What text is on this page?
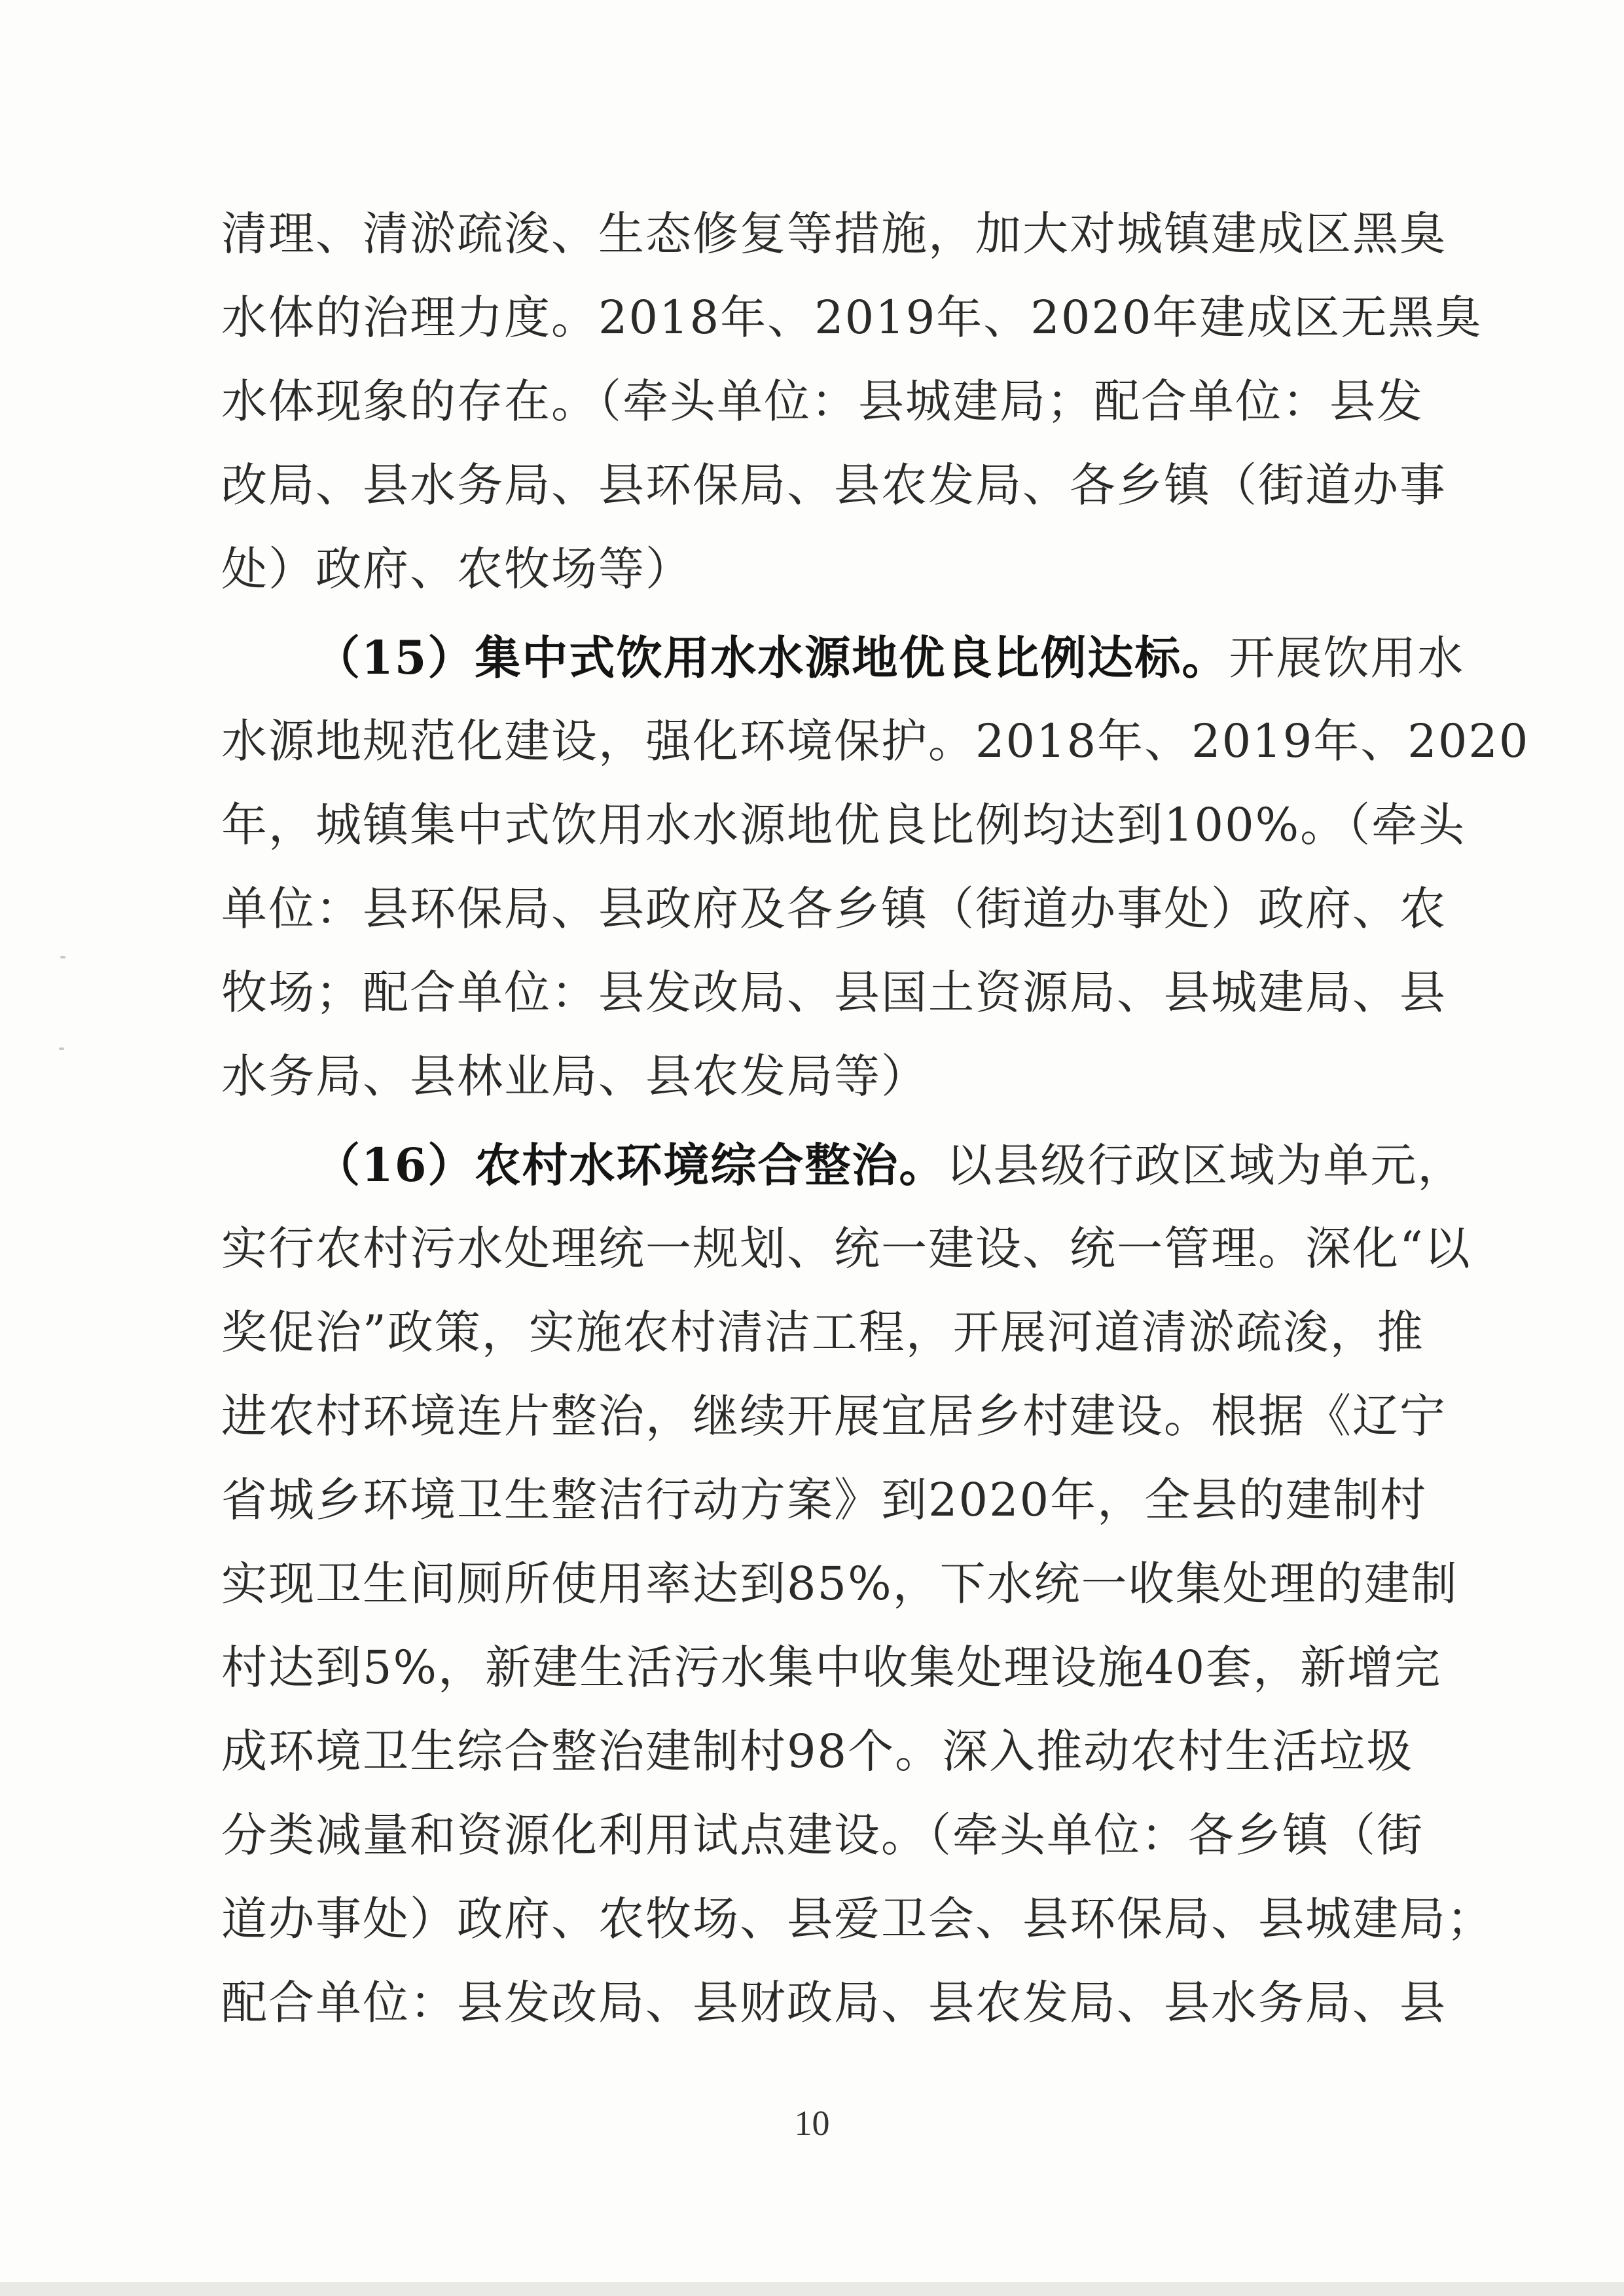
清理、清淤疏浚、生态修复等措施，加大对城镇建成区黑臭
水体的治理力度。2018年、2019年、2020年建成区无黑臭
水体现象的存在。（牵头单位：县城建局；配合单位：县发
改局、县水务局、县环保局、县农发局、各乡镇（街道办事
处）政府、农牧场等）
（15）集中式饮用水水源地优良比例达标。开展饮用水
水源地规范化建设，强化环境保护。2018年、2019年、2020
年，城镇集中式饮用水水源地优良比例均达到100%。（牵头
单位：县环保局、县政府及各乡镇（街道办事处）政府、农
牧场；配合单位：县发改局、县国土资源局、县城建局、县
水务局、县林业局、县农发局等）
（16）农村水环境综合整治。以县级行政区域为单元，
实行农村污水处理统一规划、统一建设、统一管理。深化“以
奖促治”政策，实施农村清洁工程，开展河道清淤疏浚，推
进农村环境连片整治，继续开展宜居乡村建设。根据《辽宁
省城乡环境卫生整洁行动方案》到2020年，全县的建制村
实现卫生间厕所使用率达到85%，下水统一收集处理的建制
村达到5%，新建生活污水集中收集处理设施40套，新增完
成环境卫生综合整治建制村98个。深入推动农村生活垃圾
分类减量和资源化利用试点建设。（牵头单位：各乡镇（街
道办事处）政府、农牧场、县爱卫会、县环保局、县城建局；
配合单位：县发改局、县财政局、县农发局、县水务局、县
10
